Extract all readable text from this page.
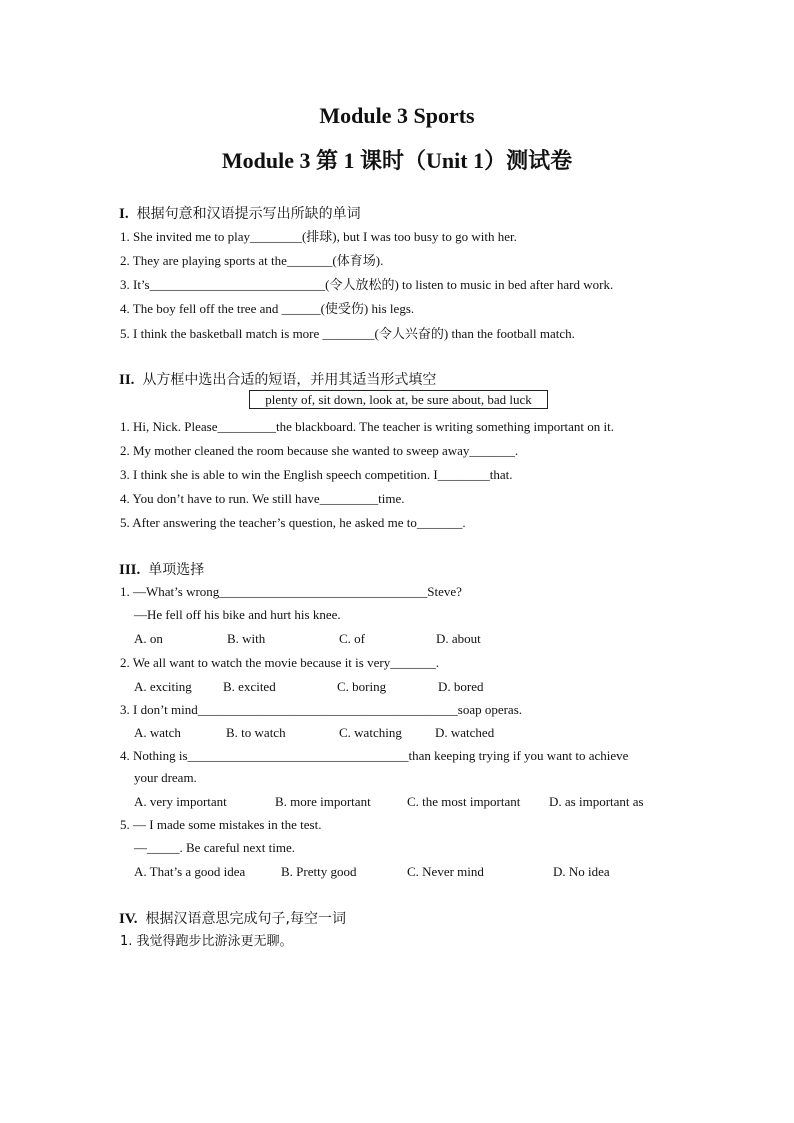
Module 3 Sports
Module 3 第 1 课时（Unit 1）测试卷
I. 根据句意和汉语提示写出所缺的单词
1. She invited me to play________(排球), but I was too busy to go with her.
2. They are playing sports at the_______(体育场).
3. It’s___________________________(令人放松的) to listen to music in bed after hard work.
4. The boy fell off the tree and ______(使受伤) his legs.
5. I think the basketball match is more ________(令人兴奋的) than the football match.
II. 从方框中选出合适的短语，并用其适当形式填空
plenty of, sit down, look at, be sure about, bad luck
1. Hi, Nick. Please_________the blackboard. The teacher is writing something important on it.
2. My mother cleaned the room because she wanted to sweep away_______.
3. I think she is able to win the English speech competition. I________that.
4. You don’t have to run. We still have_________time.
5. After answering the teacher’s question, he asked me to_______.
III. 单项选择
1. —What’s wrong________________________________Steve?
—He fell off his bike and hurt his knee.
A. on	B. with	C. of	D. about
2. We all want to watch the movie because it is very_______.
A. exciting B. excited	C. boring	D. bored
3. I don’t mind________________________________________soap operas.
A. watch	B. to watch	C. watching	D. watched
4. Nothing is__________________________________than keeping trying if you want to achieve
your dream.
A. very important	B. more important	C. the most important D. as important as
5. — I made some mistakes in the test.
—_____. Be careful next time.
A. That’s a good idea	B. Pretty good	C. Never mind	D. No idea
IV. 根据汉语意思完成句子,每空一词
1. 我觉得跑步比游泳更无聊。
